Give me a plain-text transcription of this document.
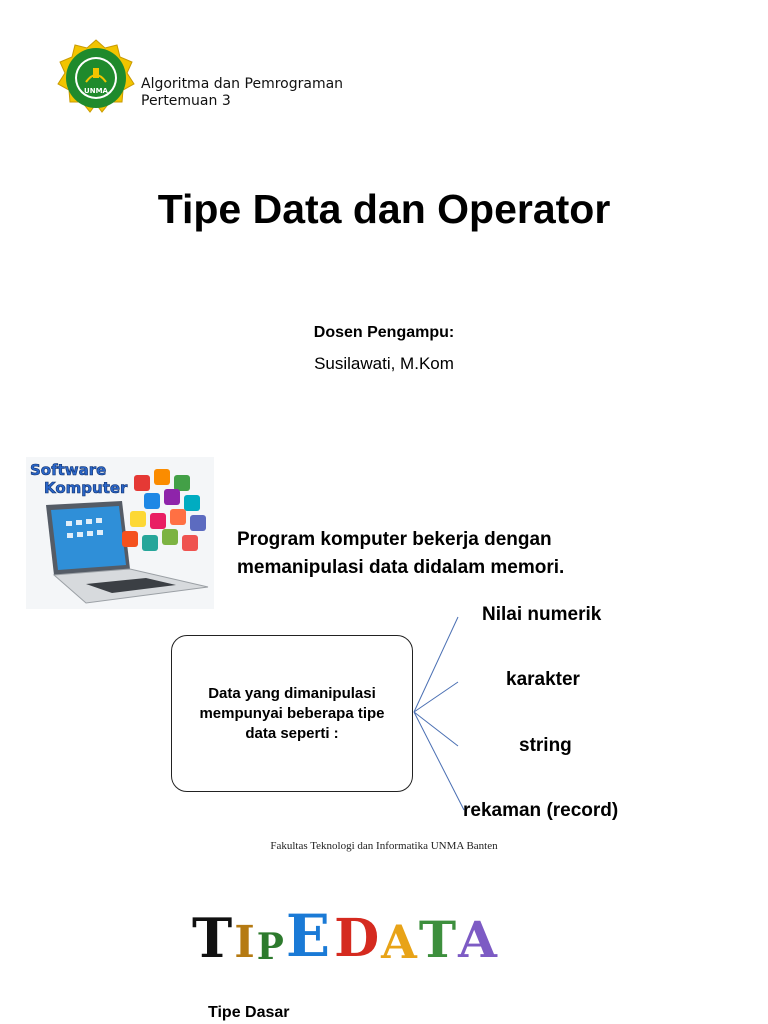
UNMA Algoritma dan Pemrograman
Pertemuan 3
Tipe Data dan Operator
Dosen Pengampu:
Susilawati, M.Kom
Software
Komputer
Program komputer bekerja dengan memanipulasi data didalam memori.
Data yang dimanipulasi mempunyai beberapa tipe data seperti :
Nilai numerik
karakter
string
rekaman (record)
Fakultas Teknologi dan Informatika UNMA Banten
T I P E D A T A
Tipe Dasar
